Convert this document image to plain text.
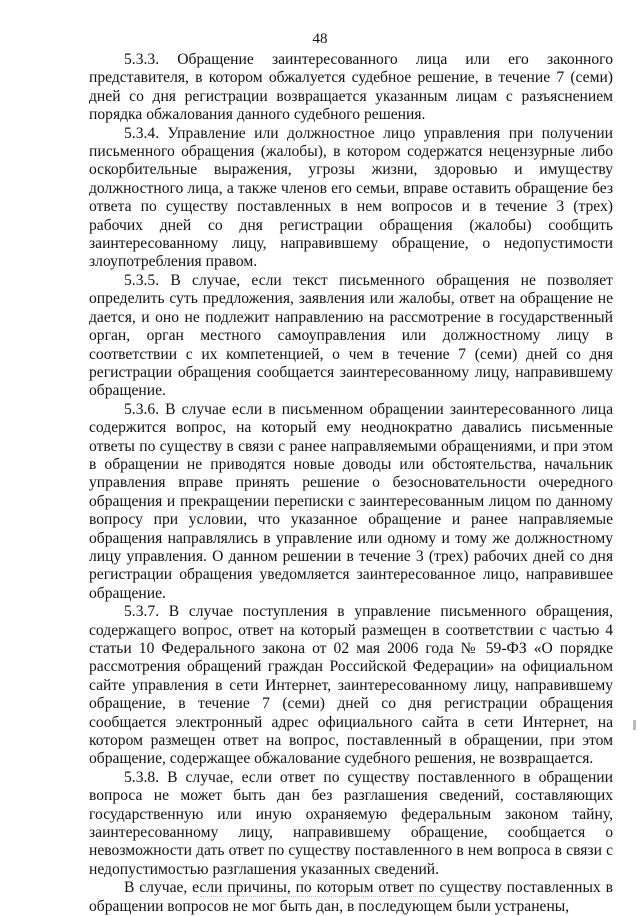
48

5.3.3. Обращение заинтересованного лица или его законного представителя, в котором обжалуется судебное решение, в течение 7 (семи) дней со дня регистрации возвращается указанным лицам с разъяснением порядка обжалования данного судебного решения.

5.3.4. Управление или должностное лицо управления при получении письменного обращения (жалобы), в котором содержатся нецензурные либо оскорбительные выражения, угрозы жизни, здоровью и имуществу должностного лица, а также членов его семьи, вправе оставить обращение без ответа по существу поставленных в нем вопросов и в течение 3 (трех) рабочих дней со дня регистрации обращения (жалобы) сообщить заинтересованному лицу, направившему обращение, о недопустимости злоупотребления правом.

5.3.5. В случае, если текст письменного обращения не позволяет определить суть предложения, заявления или жалобы, ответ на обращение не дается, и оно не подлежит направлению на рассмотрение в государственный орган, орган местного самоуправления или должностному лицу в соответствии с их компетенцией, о чем в течение 7 (семи) дней со дня регистрации обращения сообщается заинтересованному лицу, направившему обращение.

5.3.6. В случае если в письменном обращении заинтересованного лица содержится вопрос, на который ему неоднократно давались письменные ответы по существу в связи с ранее направляемыми обращениями, и при этом в обращении не приводятся новые доводы или обстоятельства, начальник управления вправе принять решение о безосновательности очередного обращения и прекращении переписки с заинтересованным лицом по данному вопросу при условии, что указанное обращение и ранее направляемые обращения направлялись в управление или одному и тому же должностному лицу управления. О данном решении в течение 3 (трех) рабочих дней со дня регистрации обращения уведомляется заинтересованное лицо, направившее обращение.

5.3.7. В случае поступления в управление письменного обращения, содержащего вопрос, ответ на который размещен в соответствии с частью 4 статьи 10 Федерального закона от 02 мая 2006 года № 59-ФЗ «О порядке рассмотрения обращений граждан Российской Федерации» на официальном сайте управления в сети Интернет, заинтересованному лицу, направившему обращение, в течение 7 (семи) дней со дня регистрации обращения сообщается электронный адрес официального сайта в сети Интернет, на котором размещен ответ на вопрос, поставленный в обращении, при этом обращение, содержащее обжалование судебного решения, не возвращается.

5.3.8. В случае, если ответ по существу поставленного в обращении вопроса не может быть дан без разглашения сведений, составляющих государственную или иную охраняемую федеральным законом тайну, заинтересованному лицу, направившему обращение, сообщается о невозможности дать ответ по существу поставленного в нем вопроса в связи с недопустимостью разглашения указанных сведений.

В случае, если причины, по которым ответ по существу поставленных в обращении вопросов не мог быть дан, в последующем были устранены,
